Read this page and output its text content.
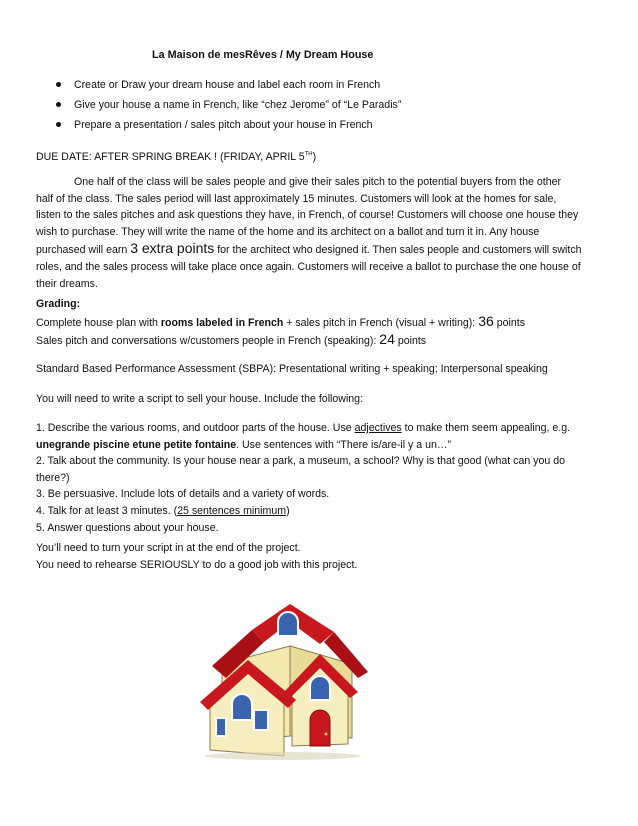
La Maison de mesRêves / My Dream House
Create or Draw your dream house and label each room in French
Give your house a name in French, like “chez Jerome” of “Le Paradis”
Prepare a presentation / sales pitch about your house in French
DUE DATE: AFTER SPRING BREAK ! (FRIDAY, APRIL 5TH)
One half of the class will be sales people and give their sales pitch to the potential buyers from the other
half of the class. The sales period will last approximately 15 minutes. Customers will look at the homes for sale,
listen to the sales pitches and ask questions they have, in French, of course! Customers will choose one house they
wish to purchase. They will write the name of the home and its architect on a ballot and turn it in. Any house
purchased will earn 3 extra points for the architect who designed it. Then sales people and customers will switch
roles, and the sales process will take place once again. Customers will receive a ballot to purchase the one house of
their dreams.
Grading:
Complete house plan with rooms labeled in French + sales pitch in French (visual + writing): 36 points
Sales pitch and conversations w/customers people in French (speaking): 24 points
Standard Based Performance Assessment (SBPA): Presentational writing + speaking; Interpersonal speaking
You will need to write a script to sell your house. Include the following:
1. Describe the various rooms, and outdoor parts of the house. Use adjectives to make them seem appealing, e.g.
unegrande piscine etune petite fontaine. Use sentences with “There is/are-il y a un…”
2. Talk about the community. Is your house near a park, a museum, a school? Why is that good (what can you do
there?)
3. Be persuasive. Include lots of details and a variety of words.
4. Talk for at least 3 minutes. (25 sentences minimum)
5. Answer questions about your house.
You’ll need to turn your script in at the end of the project.
You need to rehearse SERIOUSLY to do a good job with this project.
